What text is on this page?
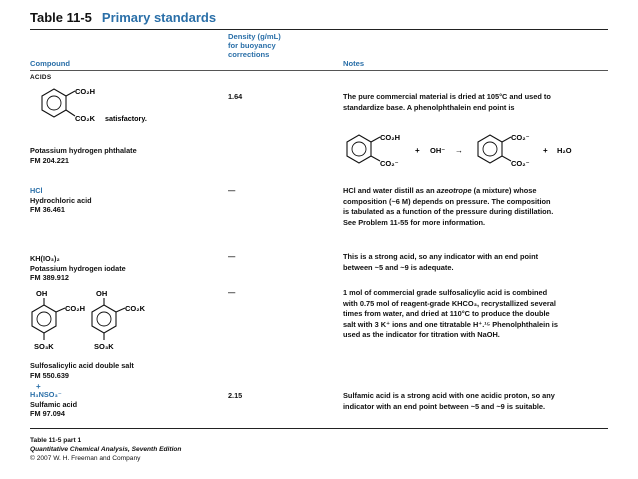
Table 11-5 Primary standards
Compound
Density (g/mL)
for buoyancy
corrections
Notes
ACIDS
CO₂H
CO₂K satisfactory.
Potassium hydrogen phthalate
FM 204.221
1.64	The pure commercial material is dried at 105°C and used to
standardize base. A phenolphthalein end point is
CO₂H
CO₂⁻
+ OH⁻ →
CO₂⁻
CO₂⁻
+ H₂O
HCl
Hydrochloric acid
FM 36.461
—	HCl and water distill as an azeotrope (a mixture) whose
composition (~6 M) depends on pressure. The composition
is tabulated as a function of the pressure during distillation.
See Problem 11-55 for more information.
KH(IO₃)₂
Potassium hydrogen iodate
FM 389.912
—	This is a strong acid, so any indicator with an end point
between ~5 and ~9 is adequate.
OH
CO₂H
SO₃K
OH
CO₂K
SO₃K
Sulfosalicylic acid double salt
FM 550.639
—	1 mol of commercial grade sulfosalicylic acid is combined
with 0.75 mol of reagent-grade KHCO₃, recrystallized several
times from water, and dried at 110°C to produce the double
salt with 3 K⁺ ions and one titratable H⁺.¹⁵ Phenolphthalein is
used as the indicator for titration with NaOH.
+
H₃NSO₃⁻
Sulfamic acid
FM 97.094
2.15	Sulfamic acid is a strong acid with one acidic proton, so any
indicator with an end point between ~5 and ~9 is suitable.
Table 11-5 part 1
Quantitative Chemical Analysis, Seventh Edition
© 2007 W. H. Freeman and Company
